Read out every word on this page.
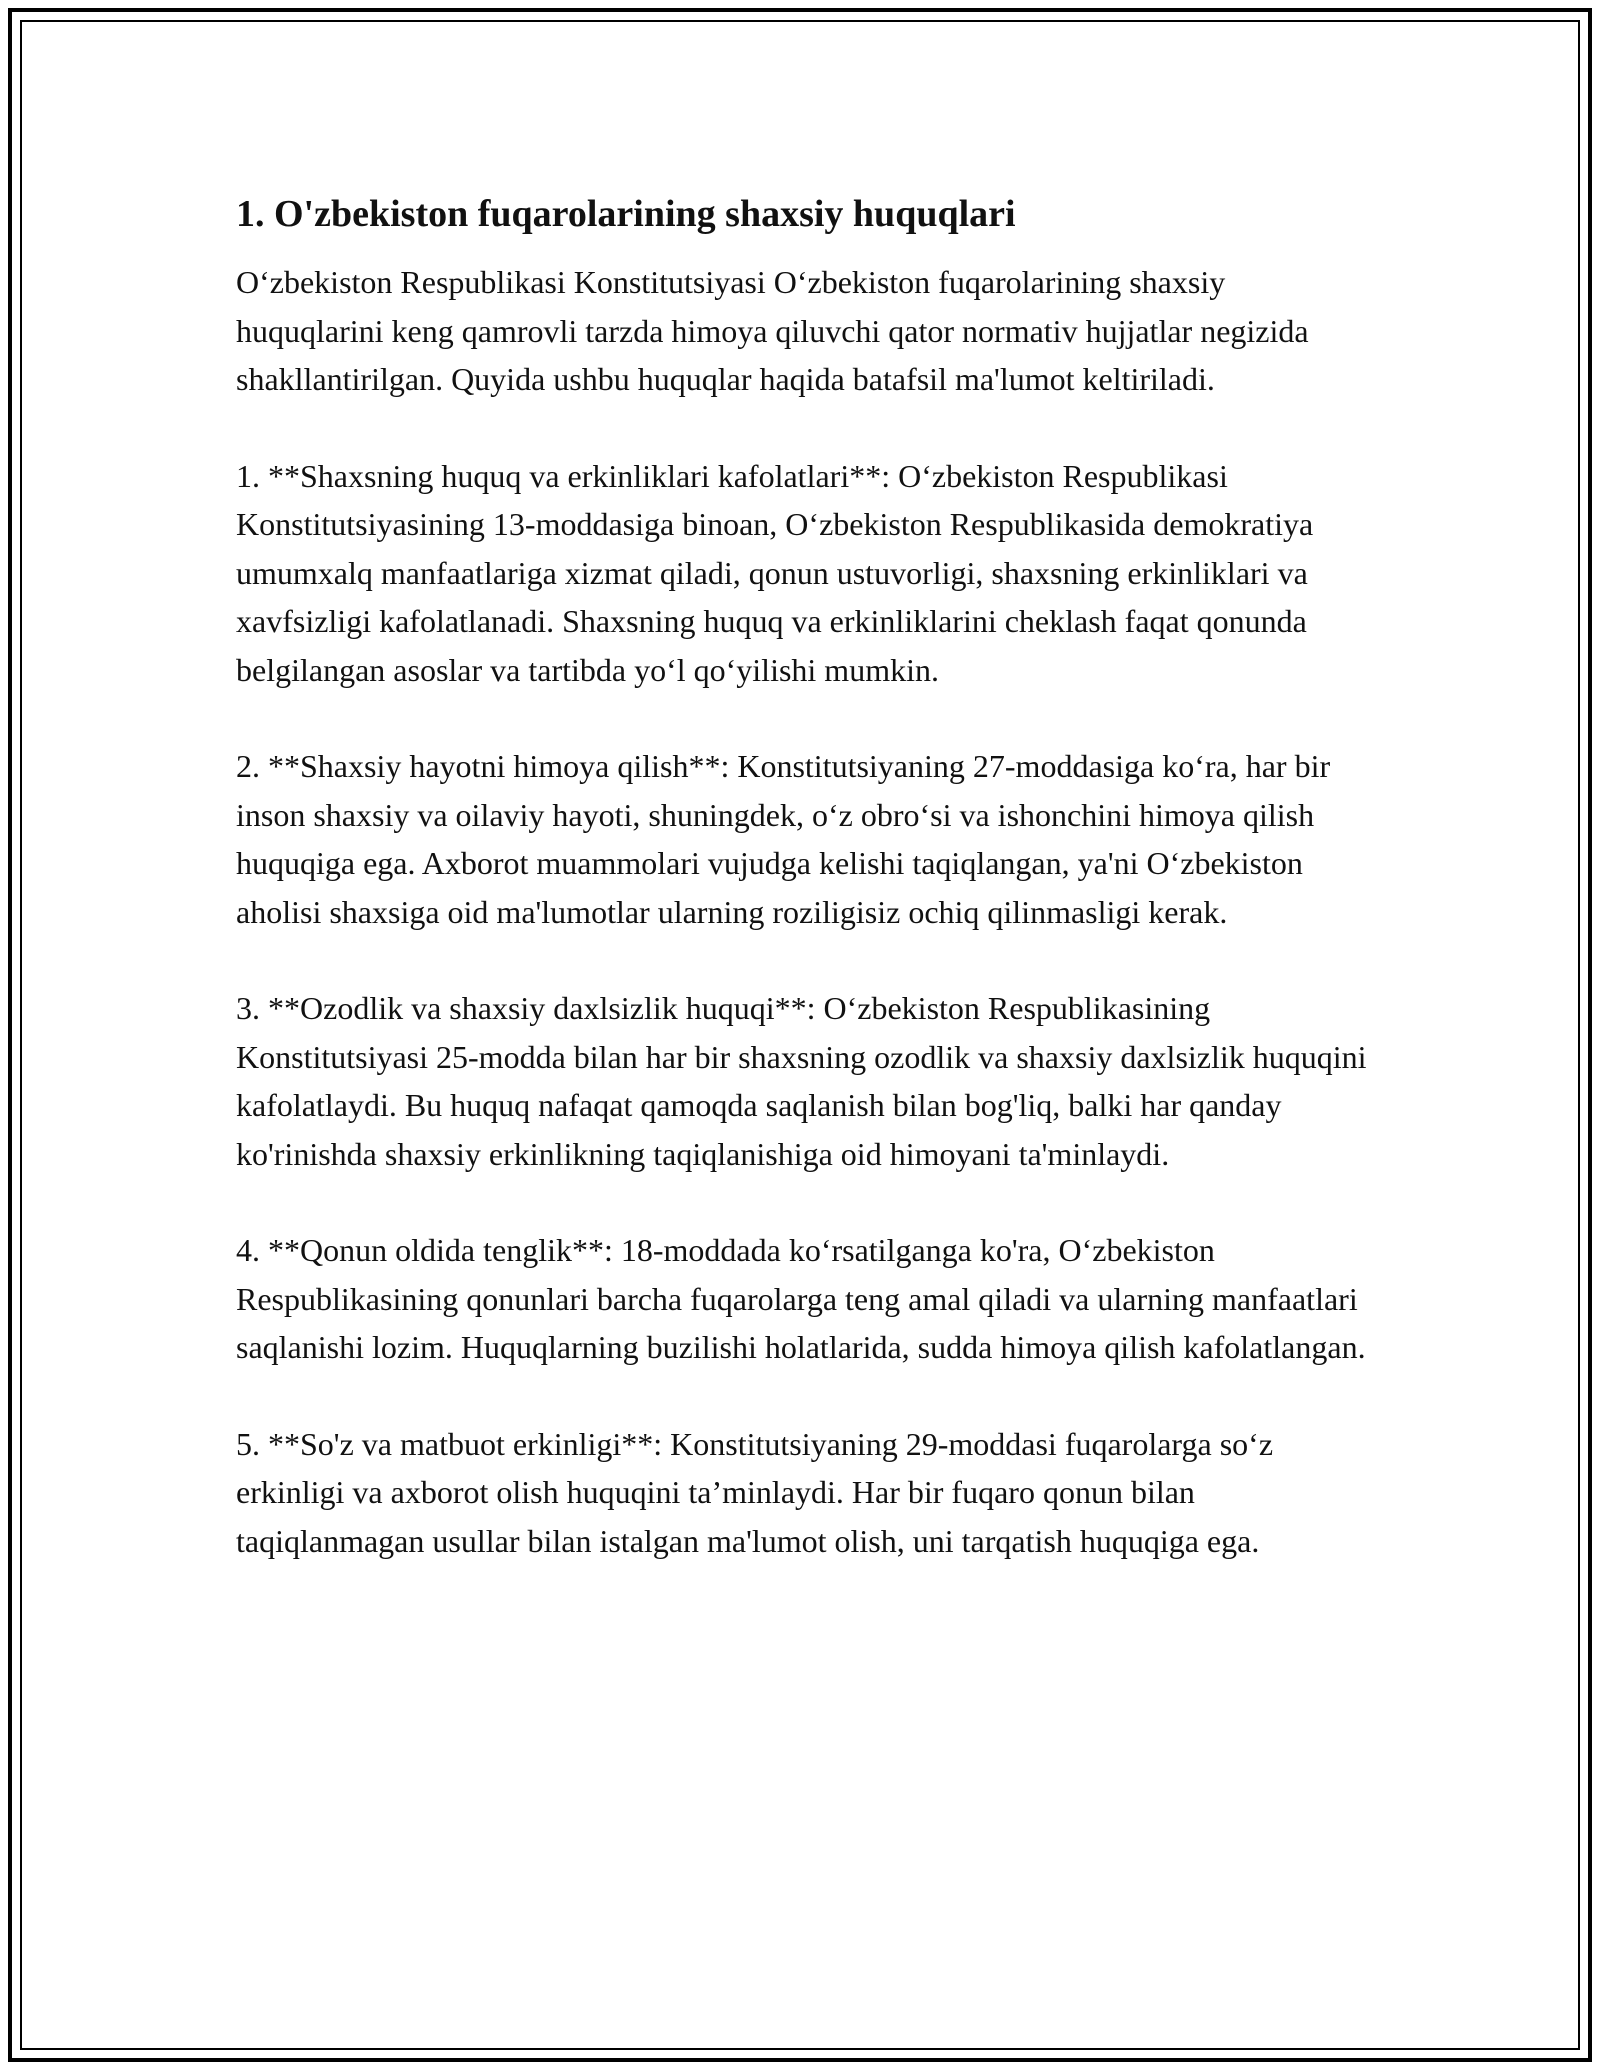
1. O'zbekiston fuqarolarining shaxsiy huquqlari

O‘zbekiston Respublikasi Konstitutsiyasi O‘zbekiston fuqarolarining shaxsiy huquqlarini keng qamrovli tarzda himoya qiluvchi qator normativ hujjatlar negizida shakllantirilgan. Quyida ushbu huquqlar haqida batafsil ma'lumot keltiriladi.

1. **Shaxsning huquq va erkinliklari kafolatlari**: O‘zbekiston Respublikasi Konstitutsiyasining 13-moddasiga binoan, O‘zbekiston Respublikasida demokratiya umumxalq manfaatlariga xizmat qiladi, qonun ustuvorligi, shaxsning erkinliklari va xavfsizligi kafolatlanadi. Shaxsning huquq va erkinliklarini cheklash faqat qonunda belgilangan asoslar va tartibda yo‘l qo‘yilishi mumkin.

2. **Shaxsiy hayotni himoya qilish**: Konstitutsiyaning 27-moddasiga ko‘ra, har bir inson shaxsiy va oilaviy hayoti, shuningdek, o‘z obro‘si va ishonchini himoya qilish huquqiga ega. Axborot muammolari vujudga kelishi taqiqlangan, ya'ni O‘zbekiston aholisi shaxsiga oid ma'lumotlar ularning roziligisiz ochiq qilinmasligi kerak.

3. **Ozodlik va shaxsiy daxlsizlik huquqi**: O‘zbekiston Respublikasining Konstitutsiyasi 25-modda bilan har bir shaxsning ozodlik va shaxsiy daxlsizlik huquqini kafolatlaydi. Bu huquq nafaqat qamoqda saqlanish bilan bog'liq, balki har qanday ko'rinishda shaxsiy erkinlikning taqiqlanishiga oid himoyani ta'minlaydi.

4. **Qonun oldida tenglik**: 18-moddada ko‘rsatilganga ko'ra, O‘zbekiston Respublikasining qonunlari barcha fuqarolarga teng amal qiladi va ularning manfaatlari saqlanishi lozim. Huquqlarning buzilishi holatlarida, sudda himoya qilish kafolatlangan.

5. **So'z va matbuot erkinligi**: Konstitutsiyaning 29-moddasi fuqarolarga so‘z erkinligi va axborot olish huquqini ta’minlaydi. Har bir fuqaro qonun bilan taqiqlanmagan usullar bilan istalgan ma'lumot olish, uni tarqatish huquqiga ega.
